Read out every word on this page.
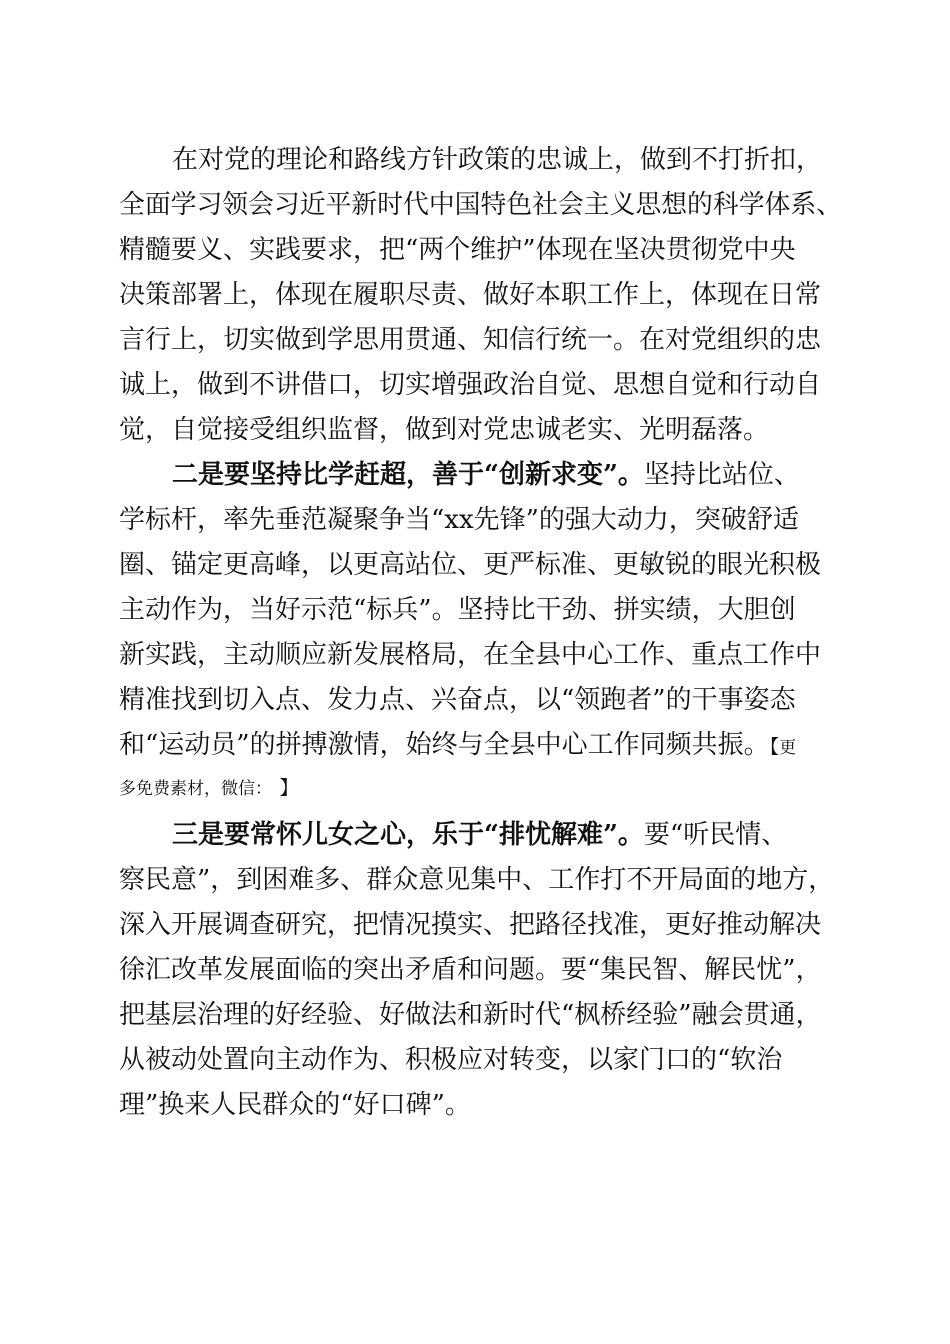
在对党的理论和路线方针政策的忠诚上，做到不打折扣，
全面学习领会习近平新时代中国特色社会主义思想的科学体系、
精髓要义、实践要求，把“两个维护”体现在坚决贯彻党中央
决策部署上，体现在履职尽责、做好本职工作上，体现在日常
言行上，切实做到学思用贯通、知信行统一。在对党组织的忠
诚上，做到不讲借口，切实增强政治自觉、思想自觉和行动自
觉，自觉接受组织监督，做到对党忠诚老实、光明磊落。
二是要坚持比学赶超，善于“创新求变”。坚持比站位、
学标杆，率先垂范凝聚争当“xx先锋”的强大动力，突破舒适
圈、锚定更高峰，以更高站位、更严标准、更敏锐的眼光积极
主动作为，当好示范“标兵”。坚持比干劲、拼实绩，大胆创
新实践，主动顺应新发展格局，在全县中心工作、重点工作中
精准找到切入点、发力点、兴奋点，以“领跑者”的干事姿态
和“运动员”的拼搏激情，始终与全县中心工作同频共振。【更
多免费素材，微信： 】
三是要常怀儿女之心，乐于“排忧解难”。要“听民情、
察民意”，到困难多、群众意见集中、工作打不开局面的地方，
深入开展调查研究，把情况摸实、把路径找准，更好推动解决
徐汇改革发展面临的突出矛盾和问题。要“集民智、解民忧”，
把基层治理的好经验、好做法和新时代“枫桥经验”融会贯通，
从被动处置向主动作为、积极应对转变，以家门口的“软治
理”换来人民群众的“好口碑”。
